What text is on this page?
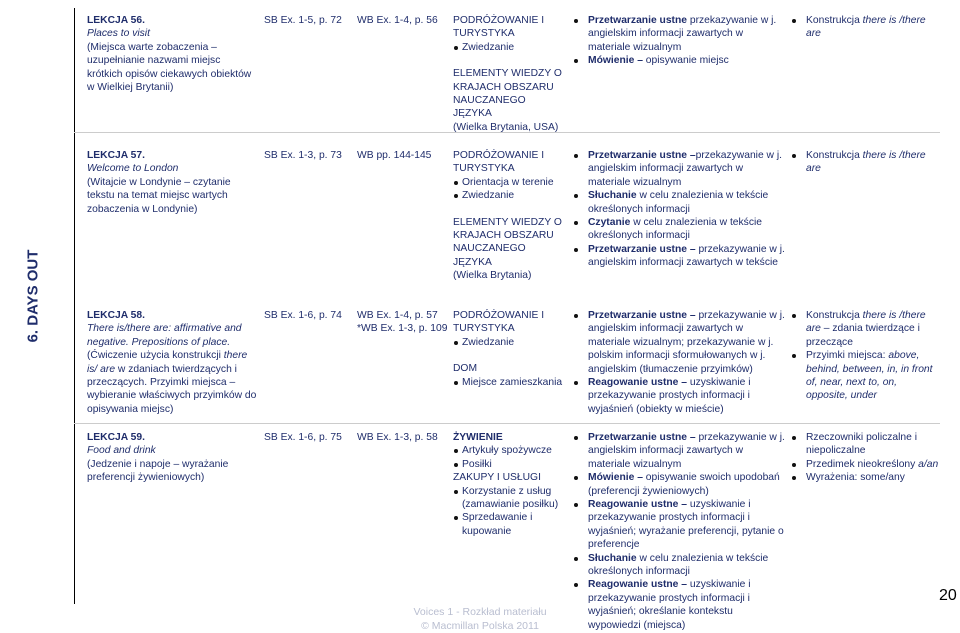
6. DAYS OUT
LEKCJA 56.
Places to visit
(Miejsca warte zobaczenia – uzupełnianie nazwami miejsc krótkich opisów ciekawych obiektów w Wielkiej Brytanii)
SB Ex. 1-5, p. 72 WB Ex. 1-4, p. 56 PODRÓŻOWANIE I TURYSTYKA
Zwiedzanie
ELEMENTY WIEDZY O KRAJACH OBSZARU NAUCZANEGO JĘZYKA
(Wielka Brytania, USA)
Przetwarzanie ustne przekazywanie w j. angielskim informacji zawartych w materiale wizualnym
Mówienie – opisywanie miejsc
Konstrukcja there is /there are
LEKCJA 57.
Welcome to London
(Witajcie w Londynie – czytanie tekstu na temat miejsc wartych zobaczenia w Londynie)
SB Ex. 1-3, p. 73 WB pp. 144-145 PODRÓŻOWANIE I TURYSTYKA
Orientacja w terenie
Zwiedzanie
ELEMENTY WIEDZY O KRAJACH OBSZARU NAUCZANEGO JĘZYKA
(Wielka Brytania)
Przetwarzanie ustne –przekazywanie w j. angielskim informacji zawartych w materiale wizualnym
Słuchanie w celu znalezienia w tekście określonych informacji
Czytanie w celu znalezienia w tekście określonych informacji
Przetwarzanie ustne – przekazywanie w j. angielskim informacji zawartych w tekście
Konstrukcja there is /there are
LEKCJA 58.
There is/there are: affirmative and negative. Prepositions of place.
(Ćwiczenie użycia konstrukcji there is/ are w zdaniach twierdzących i przeczących. Przyimki miejsca – wybieranie właściwych przyimków do opisywania miejsc)
SB Ex. 1-6, p. 74 WB Ex. 1-4, p. 57
*WB Ex. 1-3, p. 109
PODRÓŻOWANIE I TURYSTYKA
Zwiedzanie
DOM
Miejsce zamieszkania
Przetwarzanie ustne – przekazywanie w j. angielskim informacji zawartych w materiale wizualnym; przekazywanie w j. polskim informacji sformułowanych w j. angielskim (tłumaczenie przyimków)
Reagowanie ustne – uzyskiwanie i przekazywanie prostych informacji i wyjaśnień (obiekty w mieście)
Konstrukcja there is /there are – zdania twierdzące i przeczące
Przyimki miejsca: above, behind, between, in, in front of, near, next to, on, opposite, under
LEKCJA 59.
Food and drink
(Jedzenie i napoje – wyrażanie preferencji żywieniowych)
SB Ex. 1-6, p. 75 WB Ex. 1-3, p. 58 ŻYWIENIE
Artykuły spożywcze
Posiłki
ZAKUPY I USŁUGI
Korzystanie z usług (zamawianie posiłku)
Sprzedawanie i kupowanie
Przetwarzanie ustne – przekazywanie w j. angielskim informacji zawartych w materiale wizualnym
Mówienie – opisywanie swoich upodobań (preferencji żywieniowych)
Reagowanie ustne – uzyskiwanie i przekazywanie prostych informacji i wyjaśnień; wyrażanie preferencji, pytanie o preferencje
Słuchanie w celu znalezienia w tekście określonych informacji
Reagowanie ustne – uzyskiwanie i przekazywanie prostych informacji i wyjaśnień; określanie kontekstu wypowiedzi (miejsca)
Rzeczowniki policzalne i niepoliczalne
Przedimek nieokreślony a/an
Wyrażenia: some/any
Voices 1 - Rozkład materiału
© Macmillan Polska 2011
20
